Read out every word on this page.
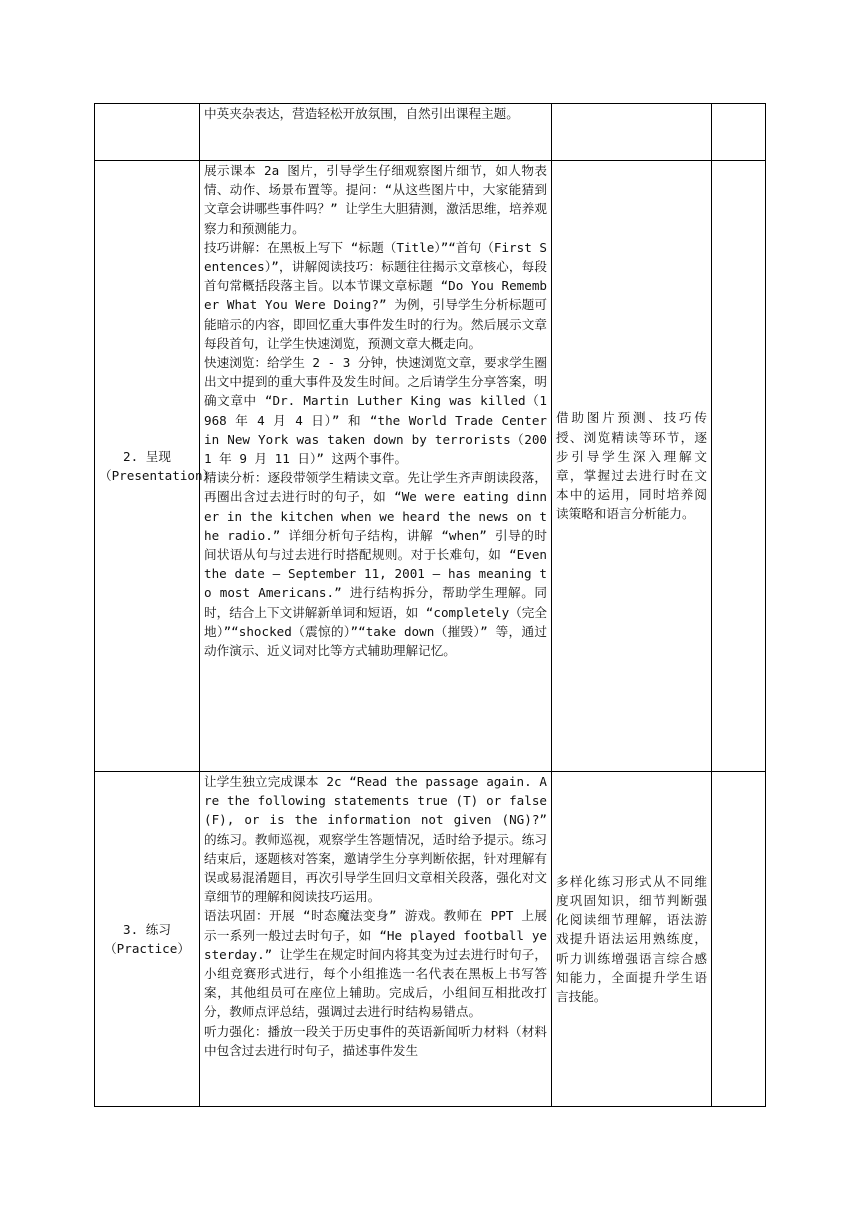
	中英夹杂表达，营造轻松开放氛围，自然引出课程主题。		

2. 呈现（Presentation）	展示课本 2a 图片，引导学生仔细观察图片细节，如人物表情、动作、场景布置等。提问：“从这些图片中，大家能猜到文章会讲哪些事件吗？” 让学生大胆猜测，激活思维，培养观察力和预测能力。
技巧讲解：在黑板上写下 “标题（Title）”“首句（First Sentences）”，讲解阅读技巧：标题往往揭示文章核心，每段首句常概括段落主旨。以本节课文章标题 “Do You Remember What You Were Doing?” 为例，引导学生分析标题可能暗示的内容，即回忆重大事件发生时的行为。然后展示文章每段首句，让学生快速浏览，预测文章大概走向。
快速浏览：给学生 2 - 3 分钟，快速浏览文章，要求学生圈出文中提到的重大事件及发生时间。之后请学生分享答案，明确文章中 “Dr. Martin Luther King was killed（1968 年 4 月 4 日）” 和 “the World Trade Center in New York was taken down by terrorists（2001 年 9 月 11 日）” 这两个事件。
精读分析：逐段带领学生精读文章。先让学生齐声朗读段落，再圈出含过去进行时的句子，如 “We were eating dinner in the kitchen when we heard the news on the radio.” 详细分析句子结构，讲解 “when” 引导的时间状语从句与过去进行时搭配规则。对于长难句，如 “Even the date — September 11, 2001 — has meaning to most Americans.” 进行结构拆分，帮助学生理解。同时，结合上下文讲解新单词和短语，如 “completely（完全地）”“shocked（震惊的）”“take down（摧毁）” 等，通过动作演示、近义词对比等方式辅助理解记忆。	借助图片预测、技巧传授、浏览精读等环节，逐步引导学生深入理解文章，掌握过去进行时在文本中的运用，同时培养阅读策略和语言分析能力。	
3. 练习（Practice）	让学生独立完成课本 2c “Read the passage again. Are the following statements true (T) or false (F), or is the information not given (NG)?” 的练习。教师巡视，观察学生答题情况，适时给予提示。练习结束后，逐题核对答案，邀请学生分享判断依据，针对理解有误或易混淆题目，再次引导学生回归文章相关段落，强化对文章细节的理解和阅读技巧运用。
语法巩固：开展 “时态魔法变身” 游戏。教师在 PPT 上展示一系列一般过去时句子，如 “He played football yesterday.” 让学生在规定时间内将其变为过去进行时句子，小组竞赛形式进行，每个小组推选一名代表在黑板上书写答案，其他组员可在座位上辅助。完成后，小组间互相批改打分，教师点评总结，强调过去进行时结构易错点。
听力强化：播放一段关于历史事件的英语新闻听力材料（材料中包含过去进行时句子，描述事件发生	多样化练习形式从不同维度巩固知识，细节判断强化阅读细节理解，语法游戏提升语法运用熟练度，听力训练增强语言综合感知能力，全面提升学生语言技能。	
